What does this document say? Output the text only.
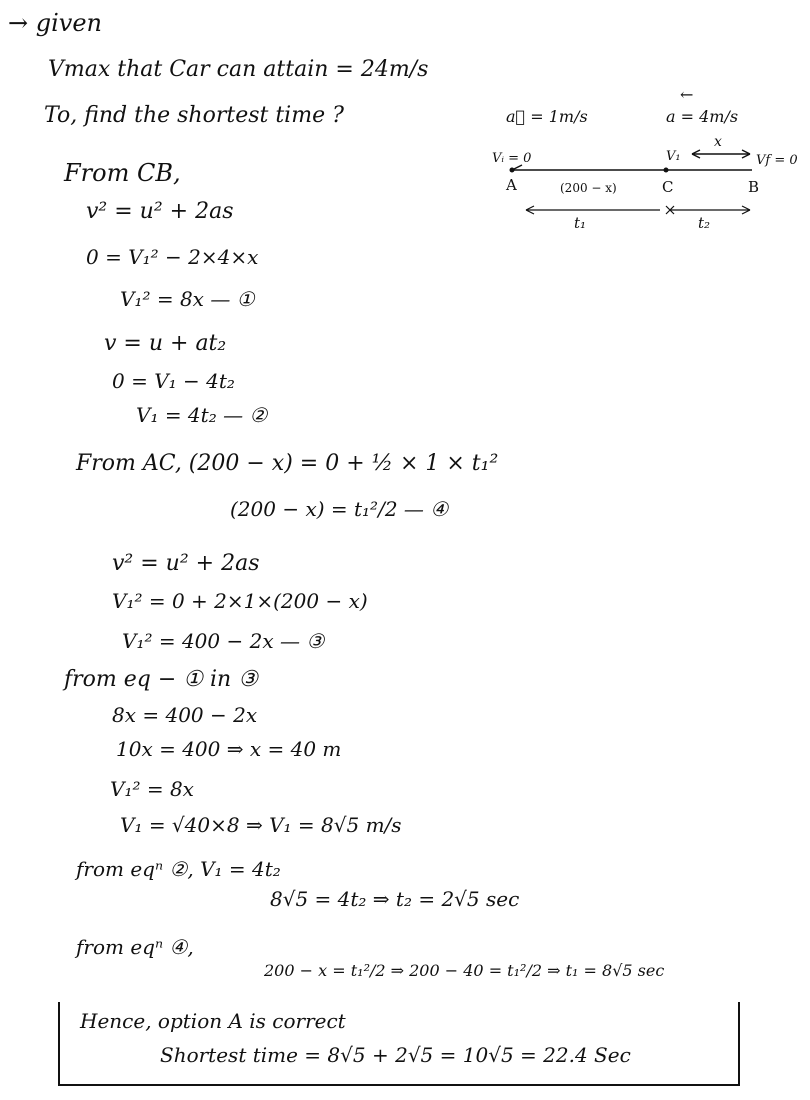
→ given
Vmax that Car can attain = 24m/s
To, find the shortest time ?
From CB,
v² = u² + 2as
0 = V₁² − 2×4×x
V₁² = 8x — ①
v = u + at₂
0 = V₁ − 4t₂
V₁ = 4t₂ — ②
From AC, (200 − x) = 0 + ½ × 1 × t₁²
(200 − x) = t₁²/2 — ④
v² = u² + 2as
V₁² = 0 + 2×1×(200 − x)
V₁² = 400 − 2x — ③
from eq − ① in ③
8x = 400 − 2x
10x = 400 ⇒ x = 40 m
V₁² = 8x
V₁ = √40×8 ⇒ V₁ = 8√5 m/s
from eqⁿ ②, V₁ = 4t₂
8√5 = 4t₂ ⇒ t₂ = 2√5 sec
from eqⁿ ④,
200 − x = t₁²/2 ⇒ 200 − 40 = t₁²/2 ⇒ t₁ = 8√5 sec
Hence, option A is correct
Shortest time = 8√5 + 2√5 = 10√5 = 22.4 Sec
a⃗ = 1m/s
←
a = 4m/s
Vᵢ = 0	V₁
x
Vf = 0
A	C	B
(200 − x)
t₁	t₂
